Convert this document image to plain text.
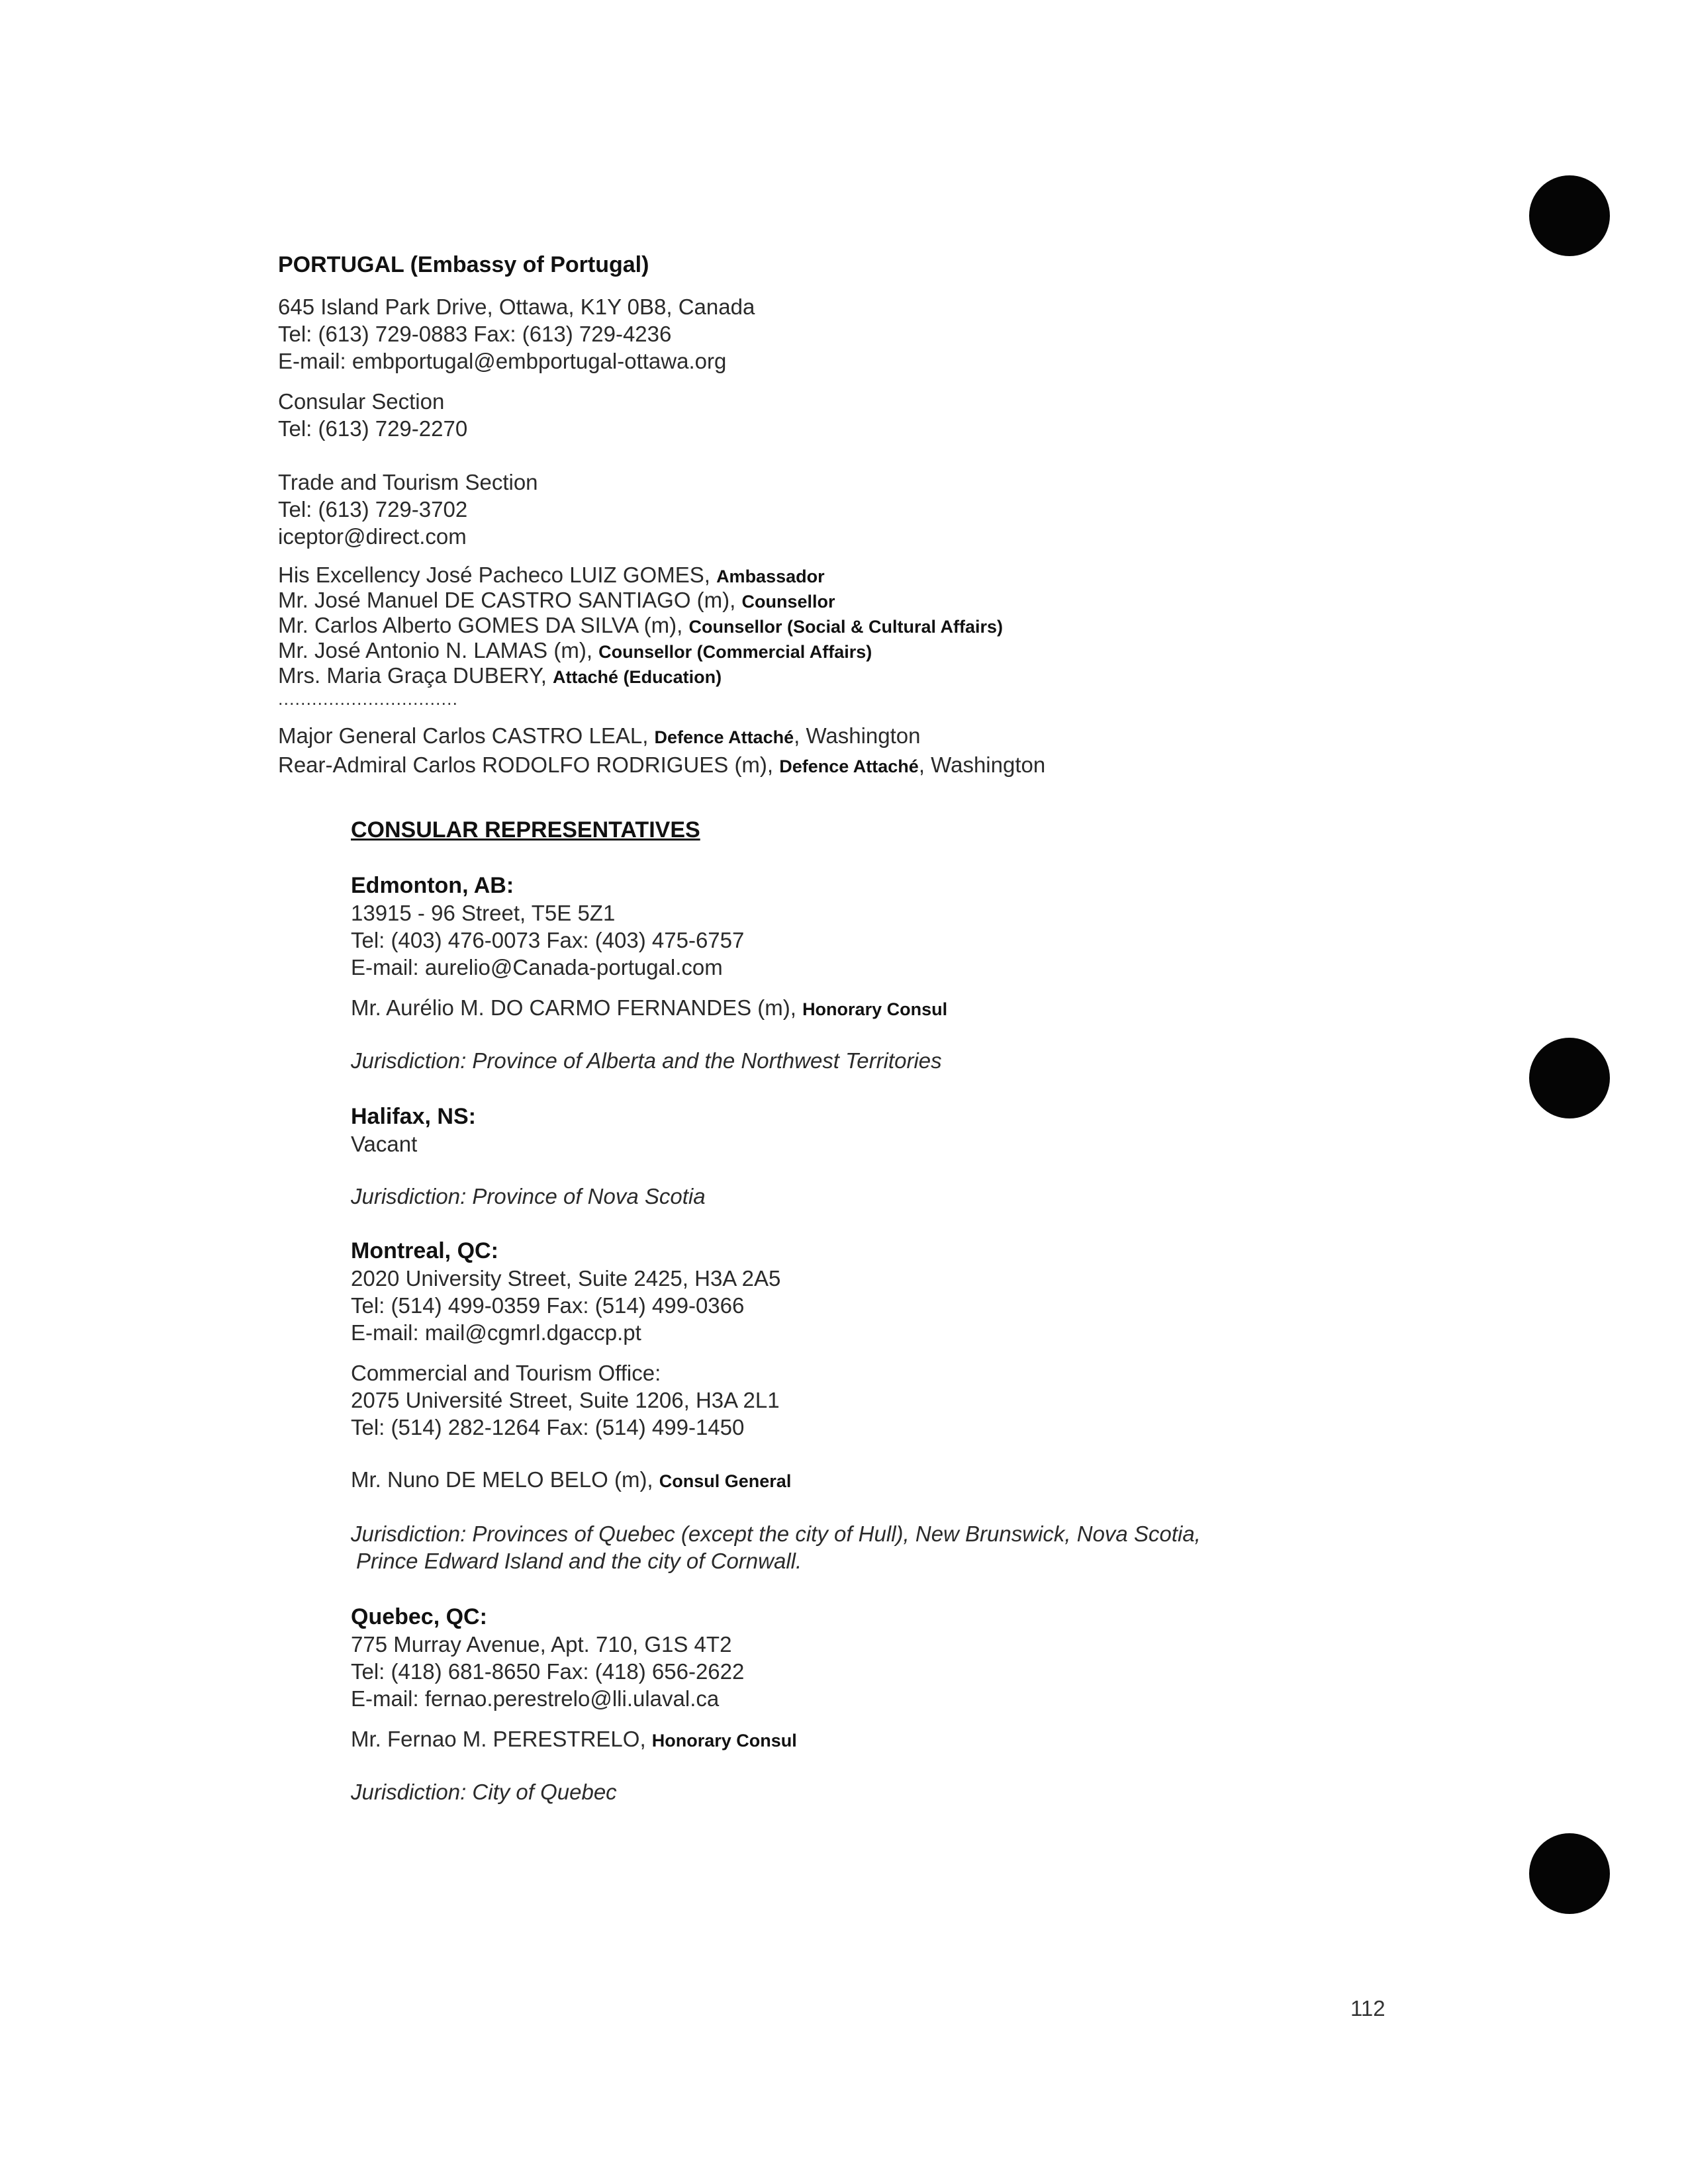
PORTUGAL (Embassy of Portugal)
645 Island Park Drive, Ottawa, K1Y 0B8, Canada
Tel: (613) 729-0883 Fax: (613) 729-4236
E-mail: embportugal@embportugal-ottawa.org
Consular Section
Tel: (613) 729-2270
Trade and Tourism Section
Tel: (613) 729-3702
iceptor@direct.com
His Excellency José Pacheco LUIZ GOMES, Ambassador
Mr. José Manuel DE CASTRO SANTIAGO (m), Counsellor
Mr. Carlos Alberto GOMES DA SILVA (m), Counsellor (Social & Cultural Affairs)
Mr. José Antonio N. LAMAS (m), Counsellor (Commercial Affairs)
Mrs. Maria Graça DUBERY, Attaché (Education)
................................
Major General Carlos CASTRO LEAL, Defence Attaché, Washington
Rear-Admiral Carlos RODOLFO RODRIGUES (m), Defence Attaché, Washington
CONSULAR REPRESENTATIVES
Edmonton, AB:
13915 - 96 Street, T5E 5Z1
Tel: (403) 476-0073 Fax: (403) 475-6757
E-mail: aurelio@Canada-portugal.com
Mr. Aurélio M. DO CARMO FERNANDES (m), Honorary Consul
Jurisdiction: Province of Alberta and the Northwest Territories
Halifax, NS:
Vacant
Jurisdiction: Province of Nova Scotia
Montreal, QC:
2020 University Street, Suite 2425, H3A 2A5
Tel: (514) 499-0359 Fax: (514) 499-0366
E-mail: mail@cgmrl.dgaccp.pt
Commercial and Tourism Office:
2075 Université Street, Suite 1206, H3A 2L1
Tel: (514) 282-1264 Fax: (514) 499-1450
Mr. Nuno DE MELO BELO (m), Consul General
Jurisdiction: Provinces of Quebec (except the city of Hull), New Brunswick, Nova Scotia,
Prince Edward Island and the city of Cornwall.
Quebec, QC:
775 Murray Avenue, Apt. 710, G1S 4T2
Tel: (418) 681-8650 Fax: (418) 656-2622
E-mail: fernao.perestrelo@lli.ulaval.ca
Mr. Fernao M. PERESTRELO, Honorary Consul
Jurisdiction: City of Quebec
112
